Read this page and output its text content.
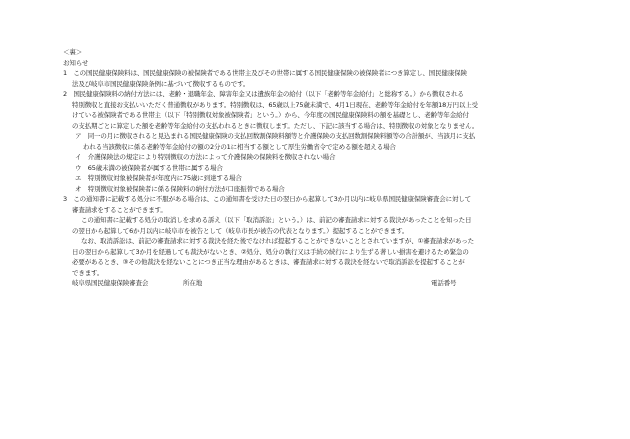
＜裏＞

お知らせ

1　この国民健康保険料は、国民健康保険の被保険者である世帯主及びその世帯に属する国民健康保険の被保険者につき算定し、国民健康保険

法及び岐阜市国民健康保険条例に基づいて徴収するものです。

2　国民健康保険料の納付方法には、老齢・退職年金、障害年金又は遺族年金の給付（以下「老齢等年金給付」と総称する。）から徴収される

特別徴収と直接お支払いいただく普通徴収があります。特別徴収は、65歳以上75歳未満で、4月1日現在、老齢等年金給付を年額18万円以上受

けている被保険者である世帯主（以下「特別徴収対象被保険者」という。）から、今年度の国民健康保険料の額を基礎とし、老齢等年金給付

の支払期ごとに算定した額を老齢等年金給付の支払われるときに徴収します。ただし、下記に該当する場合は、特別徴収の対象となりません。

ア　 同一の月に徴収されると見込まれる国民健康保険の支払回数割保険料額等と介護保険の支払回数割保険料額等の合計額が、当該月に支払

われる当該徴収に係る老齢等年金給付の額の2分の1に相当する額として厚生労働省令で定める額を超える場合

イ　 介護保険法の規定により特別徴収の方法によって介護保険の保険料を徴収されない場合

ウ　 65歳未満の被保険者が属する世帯に属する場合

エ　 特別徴収対象被保険者が年度内に75歳に到達する場合

オ　 特別徴収対象被保険者に係る保険料の納付方法が口座振替である場合

3　この通知書に記載する処分に不服がある場合は、この通知書を受けた日の翌日から起算して3か月以内に岐阜県国民健康保険審査会に対して

審査請求をすることができます。

この通知書に記載する処分の取消しを求める訴え（以下「取消訴訟」という。）は、前記の審査請求に対する裁決があったことを知った日

の翌日から起算して6か月以内に岐阜市を被告として（岐阜市長が被告の代表となります。）提起することができます。

なお、取消訴訟は、前記の審査請求に対する裁決を経た後でなければ提起することができないこととされていますが、①審査請求があった

日の翌日から起算して3か月を経過しても裁決がないとき、②処分、処分の執行又は手続の続行により生ずる著しい損害を避けるため緊急の

必要があるとき、③その他裁決を経ないことにつき正当な理由があるときは、審査請求に対する裁決を経ないで取消訴訟を提起することが

できます。

岐阜県国民健康保険審査会	所在地	電話番号
